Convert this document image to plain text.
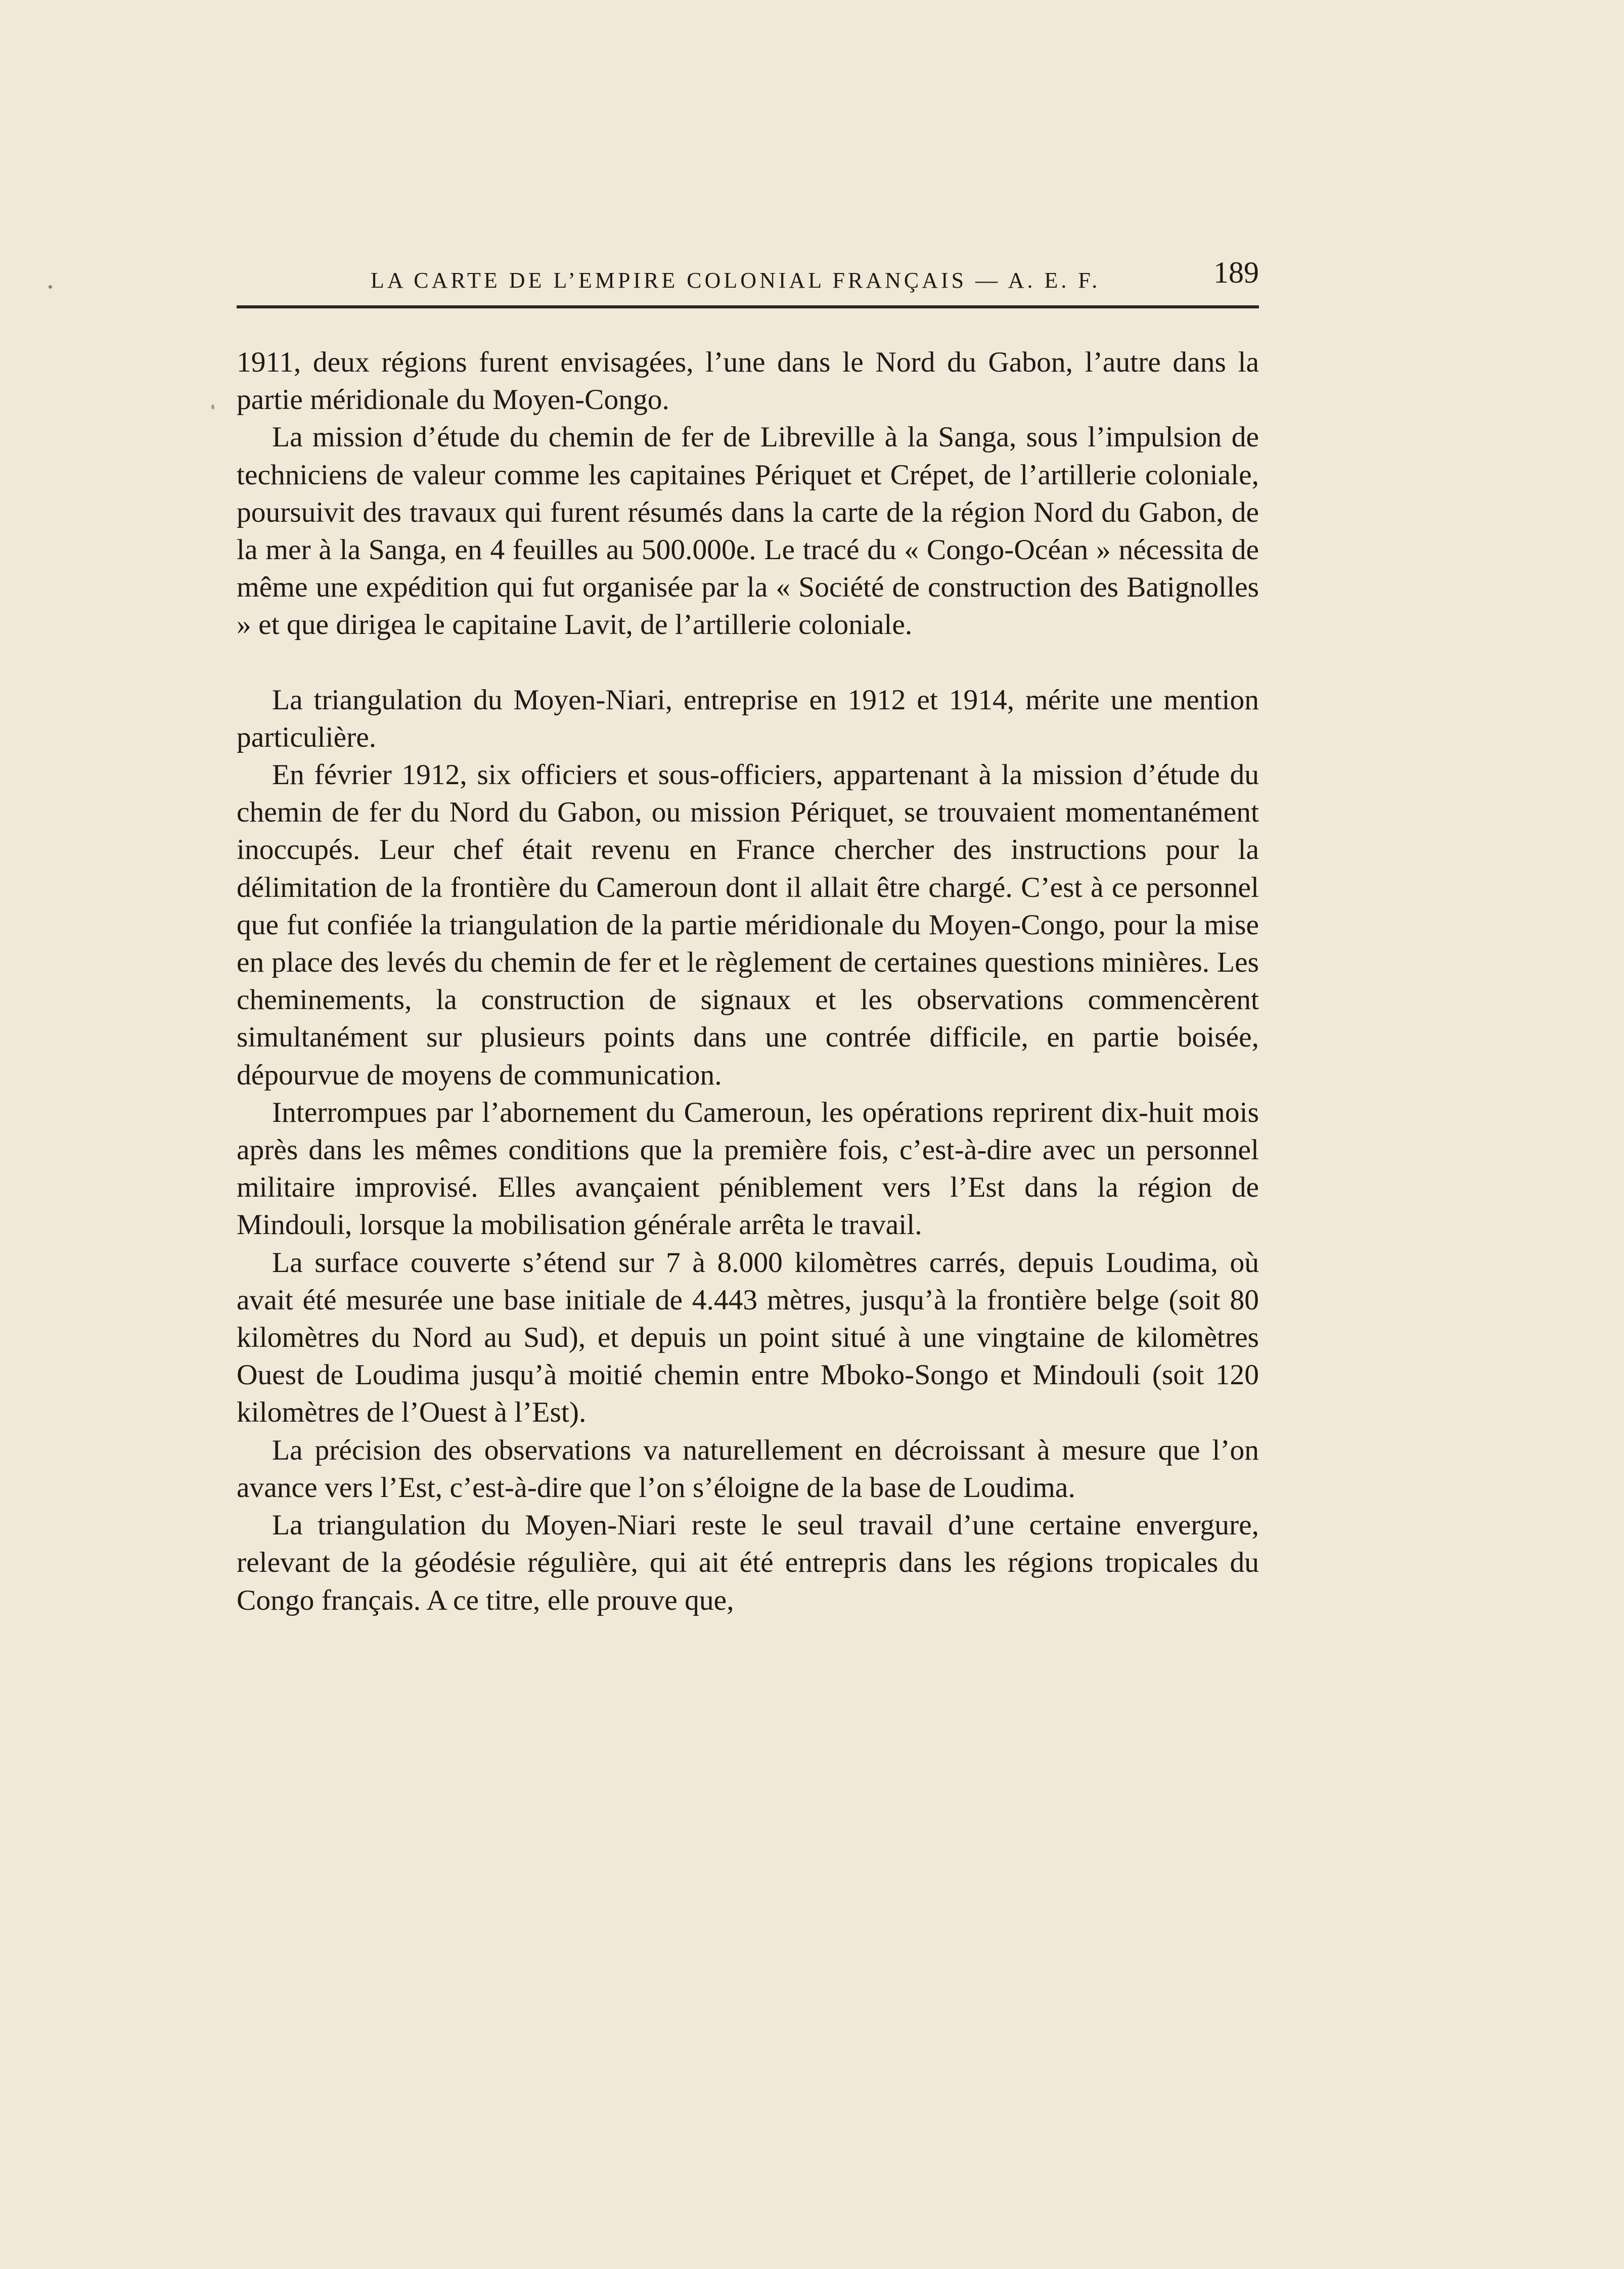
LA CARTE DE L’EMPIRE COLONIAL FRANÇAIS — A. E. F.	189

1911, deux régions furent envisagées, l’une dans le Nord du Gabon, l’autre dans la partie méridionale du Moyen-Congo.

La mission d’étude du chemin de fer de Libreville à la Sanga, sous l’impulsion de techniciens de valeur comme les capitaines Périquet et Crépet, de l’artillerie coloniale, poursuivit des travaux qui furent résumés dans la carte de la région Nord du Gabon, de la mer à la Sanga, en 4 feuilles au 500.000e. Le tracé du « Congo-Océan » nécessita de même une expédition qui fut organisée par la « Société de construction des Batignolles » et que dirigea le capitaine Lavit, de l’artillerie coloniale.

La triangulation du Moyen-Niari, entreprise en 1912 et 1914, mérite une mention particulière.

En février 1912, six officiers et sous-officiers, appartenant à la mission d’étude du chemin de fer du Nord du Gabon, ou mission Périquet, se trouvaient momentanément inoccupés. Leur chef était revenu en France chercher des instructions pour la délimitation de la frontière du Cameroun dont il allait être chargé. C’est à ce personnel que fut confiée la triangulation de la partie méridionale du Moyen-Congo, pour la mise en place des levés du chemin de fer et le règlement de certaines questions minières. Les cheminements, la construction de signaux et les observations commencèrent simultanément sur plusieurs points dans une contrée difficile, en partie boisée, dépourvue de moyens de communication.

Interrompues par l’abornement du Cameroun, les opérations reprirent dix-huit mois après dans les mêmes conditions que la première fois, c’est-à-dire avec un personnel militaire improvisé. Elles avançaient péniblement vers l’Est dans la région de Mindouli, lorsque la mobilisation générale arrêta le travail.

La surface couverte s’étend sur 7 à 8.000 kilomètres carrés, depuis Loudima, où avait été mesurée une base initiale de 4.443 mètres, jusqu’à la frontière belge (soit 80 kilomètres du Nord au Sud), et depuis un point situé à une vingtaine de kilomètres Ouest de Loudima jusqu’à moitié chemin entre Mboko-Songo et Mindouli (soit 120 kilomètres de l’Ouest à l’Est).

La précision des observations va naturellement en décroissant à mesure que l’on avance vers l’Est, c’est-à-dire que l’on s’éloigne de la base de Loudima.

La triangulation du Moyen-Niari reste le seul travail d’une certaine envergure, relevant de la géodésie régulière, qui ait été entrepris dans les régions tropicales du Congo français. A ce titre, elle prouve que,
